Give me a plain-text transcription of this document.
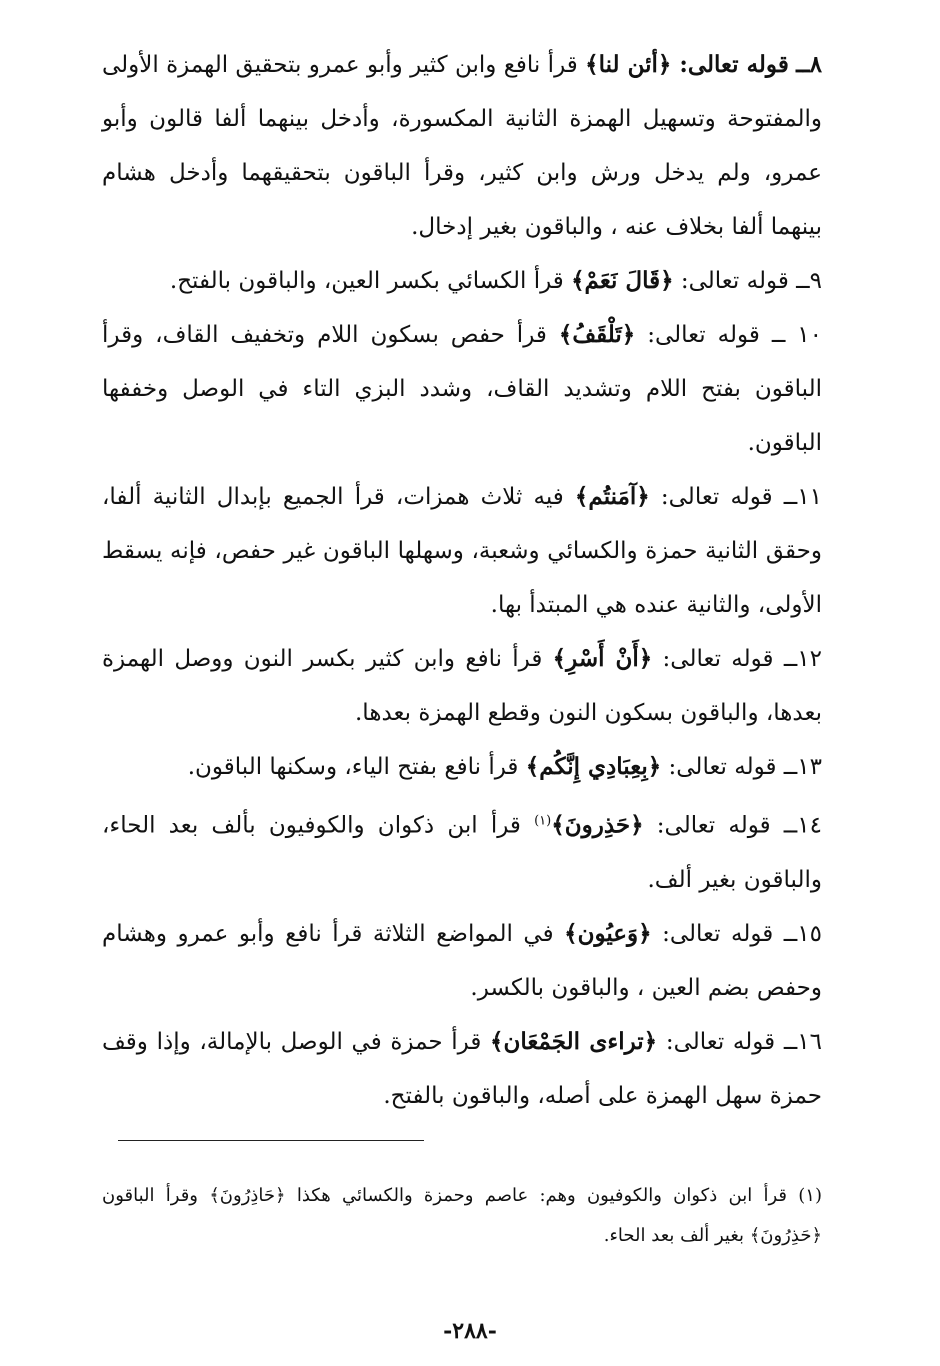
٨ــ قوله تعالى: ﴿أئن لنا﴾ قرأ نافع وابن كثير وأبو عمرو بتحقيق الهمزة الأولى والمفتوحة وتسهيل الهمزة الثانية المكسورة، وأدخل بينهما ألفا قالون وأبو عمرو، ولم يدخل ورش وابن كثير، وقرأ الباقون بتحقيقهما وأدخل هشام بينهما ألفا بخلاف عنه ، والباقون بغير إدخال.

٩ــ قوله تعالى: ﴿قَالَ نَعَمْ﴾ قرأ الكسائي بكسر العين، والباقون بالفتح.

١٠ ــ قوله تعالى: ﴿تَلْقَفُ﴾ قرأ حفص بسكون اللام وتخفيف القاف، وقرأ الباقون بفتح اللام وتشديد القاف، وشدد البزي التاء في الوصل وخففها الباقون.

١١ــ قوله تعالى: ﴿آمَنتُم﴾ فيه ثلاث همزات، قرأ الجميع بإبدال الثانية ألفا، وحقق الثانية حمزة والكسائي وشعبة، وسهلها الباقون غير حفص، فإنه يسقط الأولى، والثانية عنده هي المبتدأ بها.

١٢ــ قوله تعالى: ﴿أَنْ أَسْرِ﴾ قرأ نافع وابن كثير بكسر النون ووصل الهمزة بعدها، والباقون بسكون النون وقطع الهمزة بعدها.

١٣ــ قوله تعالى: ﴿بِعِبَادِي إِنَّكُم﴾ قرأ نافع بفتح الياء، وسكنها الباقون.

١٤ــ قوله تعالى: ﴿حَذِرونَ﴾$^{(١)}$ قرأ ابن ذكوان والكوفيون بألف بعد الحاء، والباقون بغير ألف.

١٥ــ قوله تعالى: ﴿وَعيُون﴾ في المواضع الثلاثة قرأ نافع وأبو عمرو وهشام وحفص بضم العين ، والباقون بالكسر.

١٦ــ قوله تعالى: ﴿تراءى الجَمْعَان﴾ قرأ حمزة في الوصل بالإمالة، وإذا وقف حمزة سهل الهمزة على أصله، والباقون بالفتح.

(١) قرأ ابن ذكوان والكوفيون وهم: عاصم وحمزة والكسائي هكذا ﴿حَاذِرُونَ﴾ وقرأ الباقون ﴿حَذِرُونَ﴾ بغير ألف بعد الحاء.

-٢٨٨-
